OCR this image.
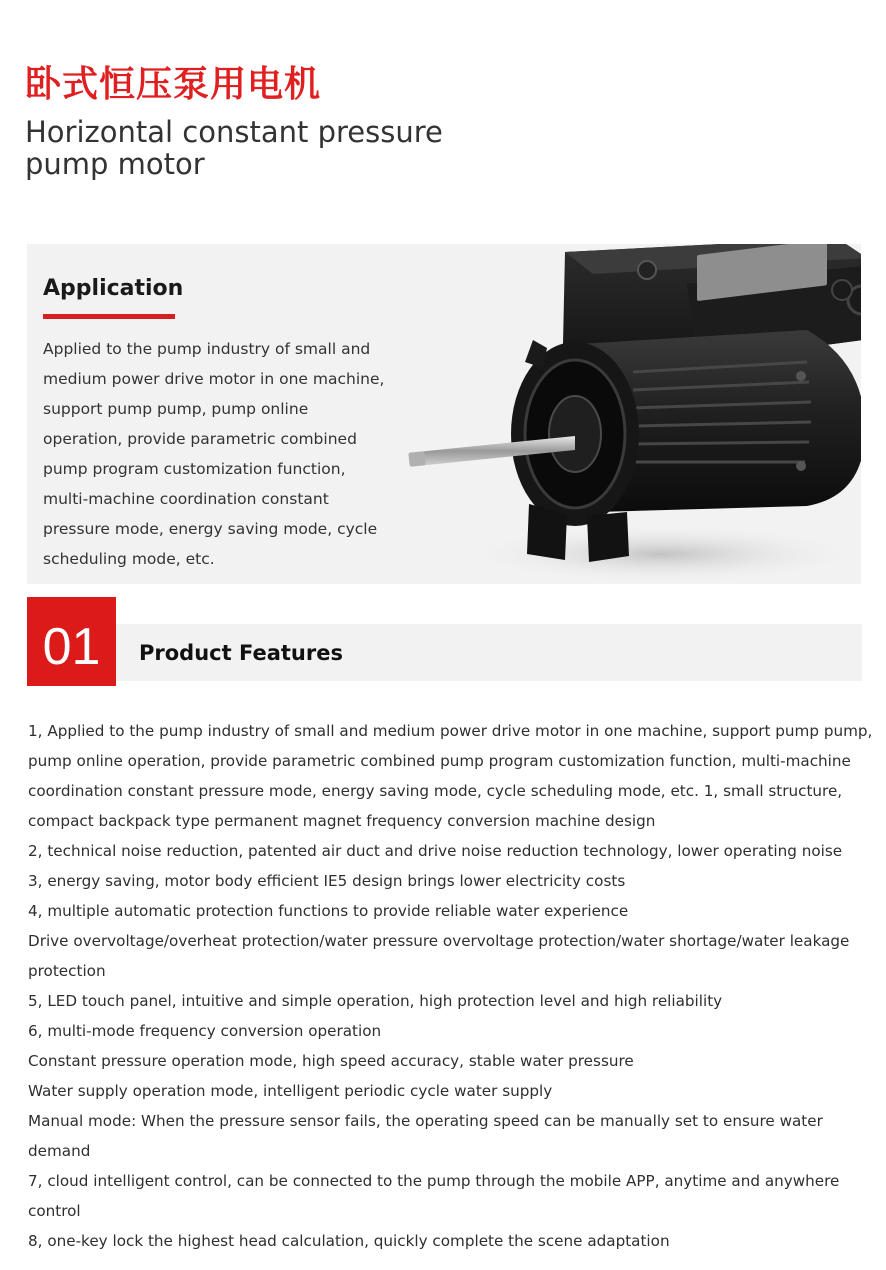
卧式恒压泵用电机
Horizontal constant pressure pump motor
Application

Applied to the pump industry of small and medium power drive motor in one machine, support pump pump, pump online operation, provide parametric combined pump program customization function, multi-machine coordination constant pressure mode, energy saving mode, cycle scheduling mode, etc.

01	Product Features
1, Applied to the pump industry of small and medium power drive motor in one machine, support pump pump, pump online operation, provide parametric combined pump program customization function, multi-machine coordination constant pressure mode, energy saving mode, cycle scheduling mode, etc. 1, small structure, compact backpack type permanent magnet frequency conversion machine design
2, technical noise reduction, patented air duct and drive noise reduction technology, lower operating noise
3, energy saving, motor body efficient IE5 design brings lower electricity costs
4, multiple automatic protection functions to provide reliable water experience
Drive overvoltage/overheat protection/water pressure overvoltage protection/water shortage/water leakage protection
5, LED touch panel, intuitive and simple operation, high protection level and high reliability
6, multi-mode frequency conversion operation
Constant pressure operation mode, high speed accuracy, stable water pressure
Water supply operation mode, intelligent periodic cycle water supply
Manual mode: When the pressure sensor fails, the operating speed can be manually set to ensure water demand
7, cloud intelligent control, can be connected to the pump through the mobile APP, anytime and anywhere control
8, one-key lock the highest head calculation, quickly complete the scene adaptation
